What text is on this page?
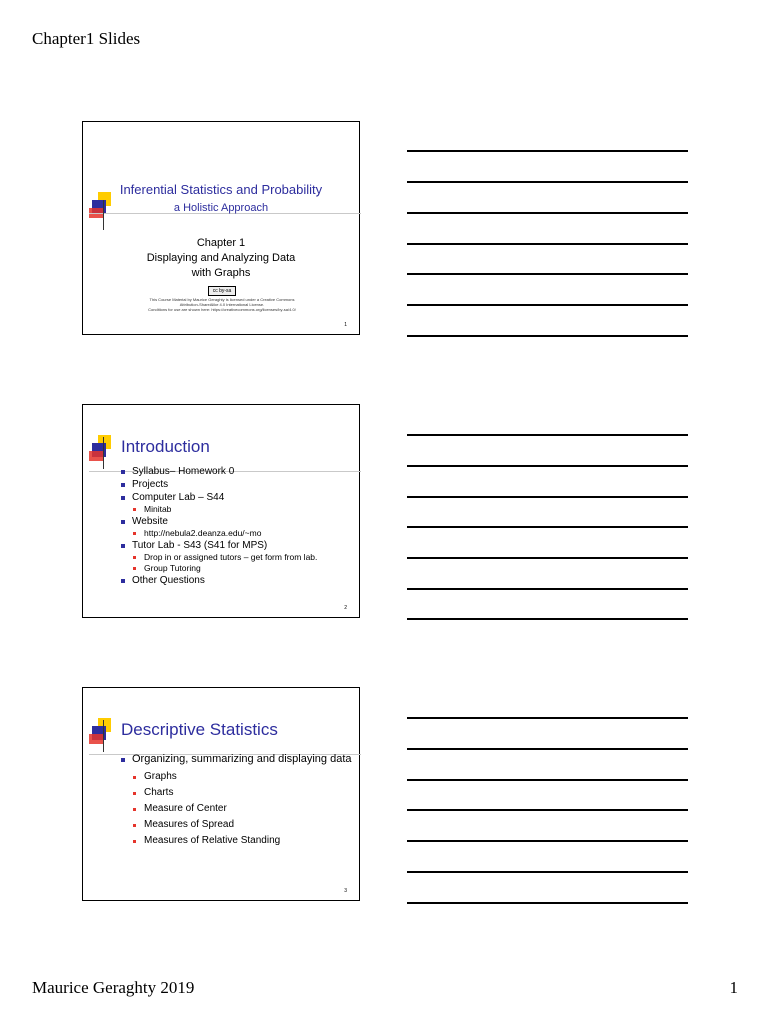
Chapter1 Slides
Inferential Statistics and Probability
a Holistic Approach
Chapter 1
Displaying and Analyzing Data
with Graphs
cc by-sa
This Course Material by Maurice Geraghty is licensed under a Creative Commons
Attribution-ShareAlike 4.0 International License.
Conditions for use are shown here: https://creativecommons.org/licenses/by-sa/4.0/
1
Introduction
Syllabus– Homework 0
Projects
Computer Lab – S44
Minitab
Website
http://nebula2.deanza.edu/~mo
Tutor Lab - S43 (S41 for MPS)
Drop in or assigned tutors – get form from lab.
Group Tutoring
Other Questions
2
Descriptive Statistics
Organizing, summarizing and displaying data
Graphs
Charts
Measure of Center
Measures of Spread
Measures of Relative Standing
3
Maurice Geraghty 2019	1
